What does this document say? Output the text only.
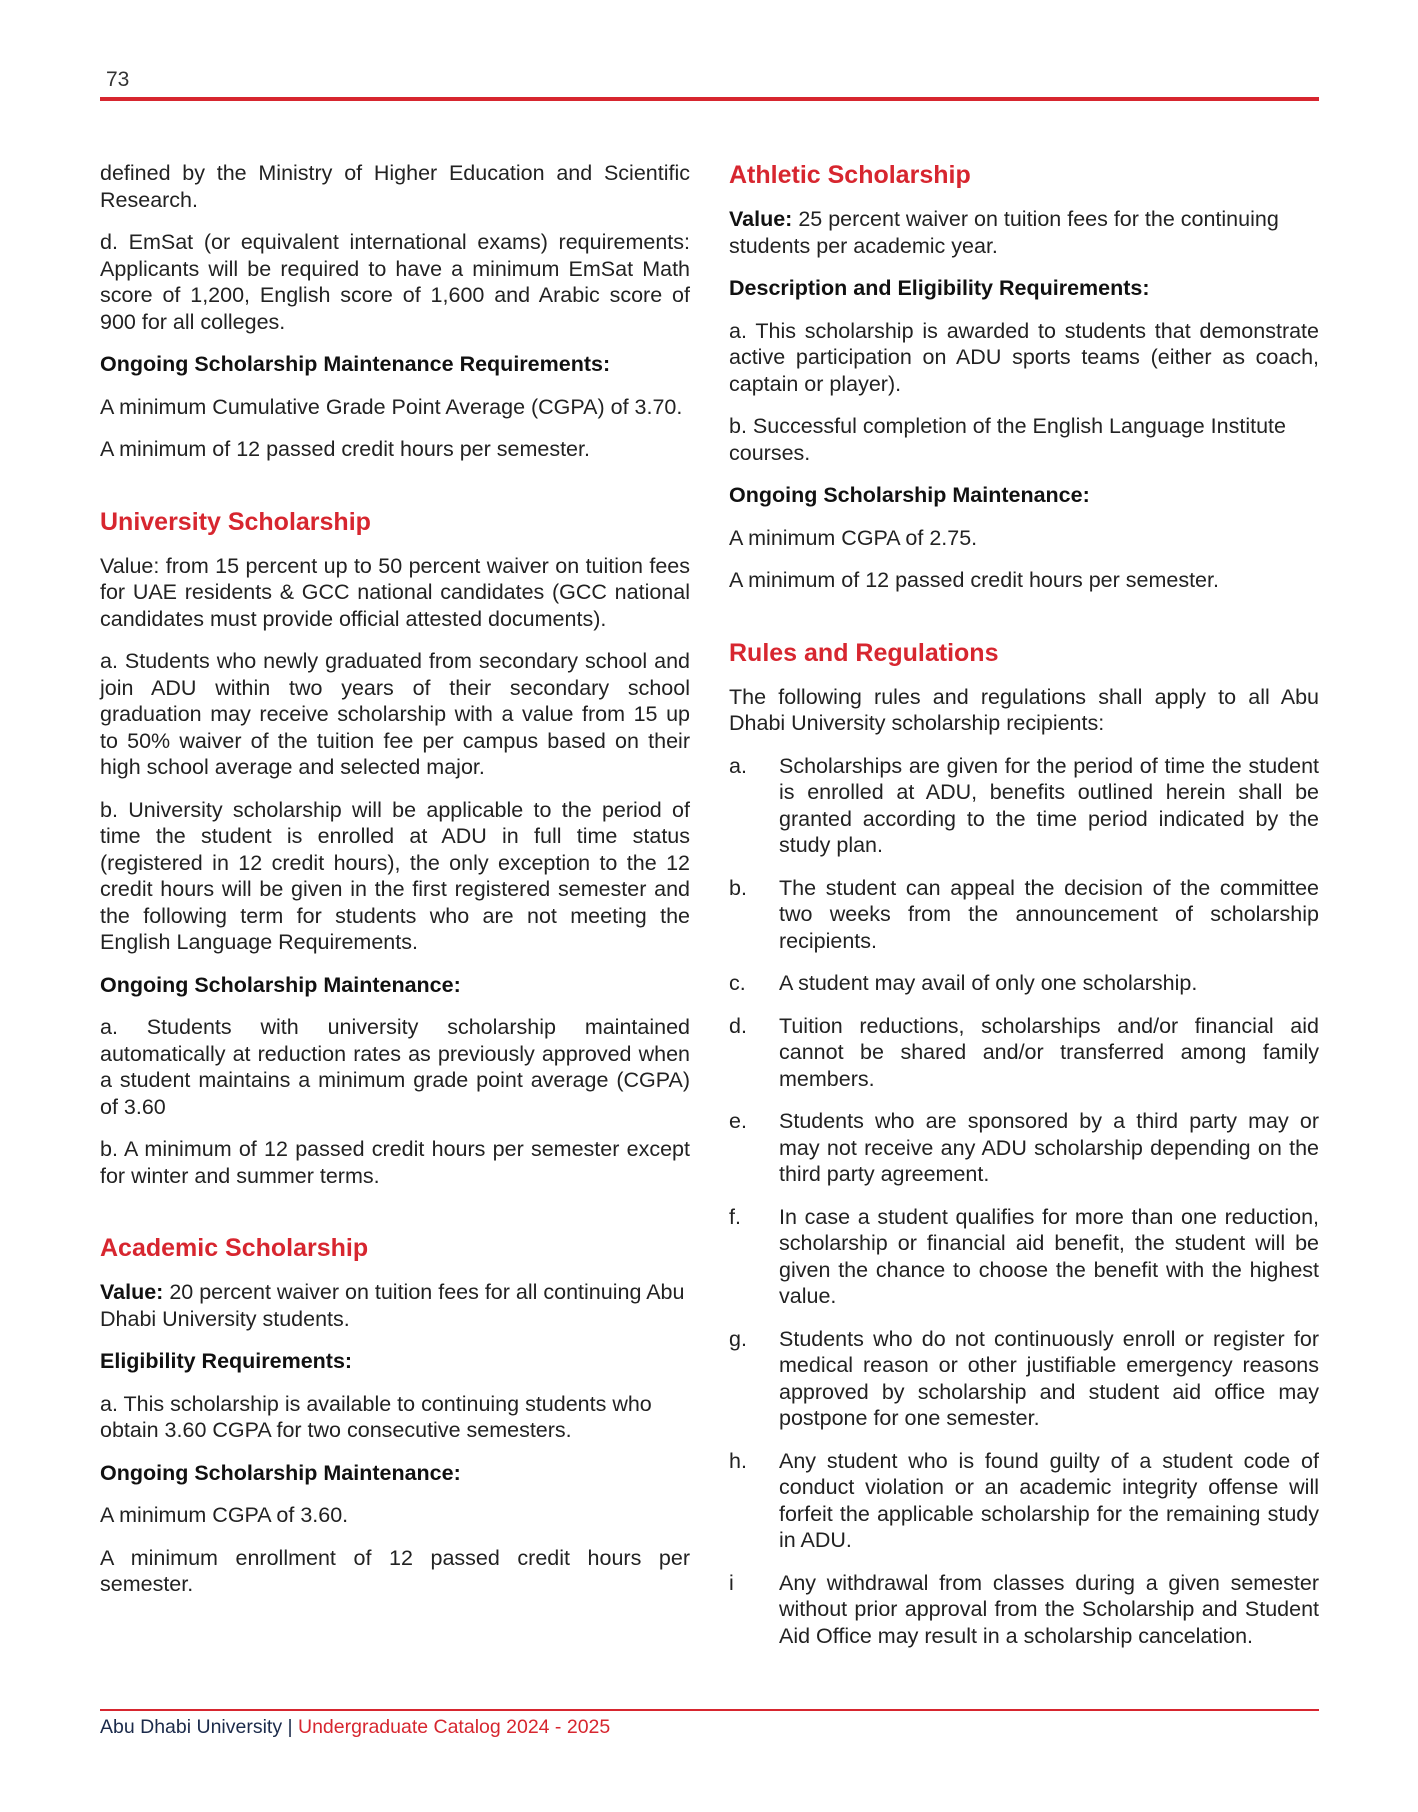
73

defined by the Ministry of Higher Education and Scientific Research.

d. EmSat (or equivalent international exams) requirements: Applicants will be required to have a minimum EmSat Math score of 1,200, English score of 1,600 and Arabic score of 900 for all colleges.

Ongoing Scholarship Maintenance Requirements:

A minimum Cumulative Grade Point Average (CGPA) of 3.70.

A minimum of 12 passed credit hours per semester.

University Scholarship

Value: from 15 percent up to 50 percent waiver on tuition fees for UAE residents & GCC national candidates (GCC national candidates must provide official attested documents).

a. Students who newly graduated from secondary school and join ADU within two years of their secondary school graduation may receive scholarship with a value from 15 up to 50% waiver of the tuition fee per campus based on their high school average and selected major.

b. University scholarship will be applicable to the period of time the student is enrolled at ADU in full time status (registered in 12 credit hours), the only exception to the 12 credit hours will be given in the first registered semester and the following term for students who are not meeting the English Language Requirements.

Ongoing Scholarship Maintenance:

a. Students with university scholarship maintained automatically at reduction rates as previously approved when a student maintains a minimum grade point average (CGPA) of 3.60

b. A minimum of 12 passed credit hours per semester except for winter and summer terms.

Academic Scholarship

Value: 20 percent waiver on tuition fees for all continuing Abu Dhabi University students.

Eligibility Requirements:

a. This scholarship is available to continuing students who obtain 3.60 CGPA for two consecutive semesters.

Ongoing Scholarship Maintenance:

A minimum CGPA of 3.60.

A minimum enrollment of 12 passed credit hours per semester.

Athletic Scholarship

Value: 25 percent waiver on tuition fees for the continuing students per academic year.

Description and Eligibility Requirements:

a. This scholarship is awarded to students that demonstrate active participation on ADU sports teams (either as coach, captain or player).

b. Successful completion of the English Language Institute courses.

Ongoing Scholarship Maintenance:

A minimum CGPA of 2.75.

A minimum of 12 passed credit hours per semester.

Rules and Regulations

The following rules and regulations shall apply to all Abu Dhabi University scholarship recipients:

a.	Scholarships are given for the period of time the student is enrolled at ADU, benefits outlined herein shall be granted according to the time period indicated by the study plan.
b.	The student can appeal the decision of the committee two weeks from the announcement of scholarship recipients.
c.	A student may avail of only one scholarship.
d.	Tuition reductions, scholarships and/or financial aid cannot be shared and/or transferred among family members.
e.	Students who are sponsored by a third party may or may not receive any ADU scholarship depending on the third party agreement.
f.	In case a student qualifies for more than one reduction, scholarship or financial aid benefit, the student will be given the chance to choose the benefit with the highest value.
g.	Students who do not continuously enroll or register for medical reason or other justifiable emergency reasons approved by scholarship and student aid office may postpone for one semester.
h.	Any student who is found guilty of a student code of conduct violation or an academic integrity offense will forfeit the applicable scholarship for the remaining study in ADU.
i	Any withdrawal from classes during a given semester without prior approval from the Scholarship and Student Aid Office may result in a scholarship cancelation.
Abu Dhabi University | Undergraduate Catalog 2024 - 2025
